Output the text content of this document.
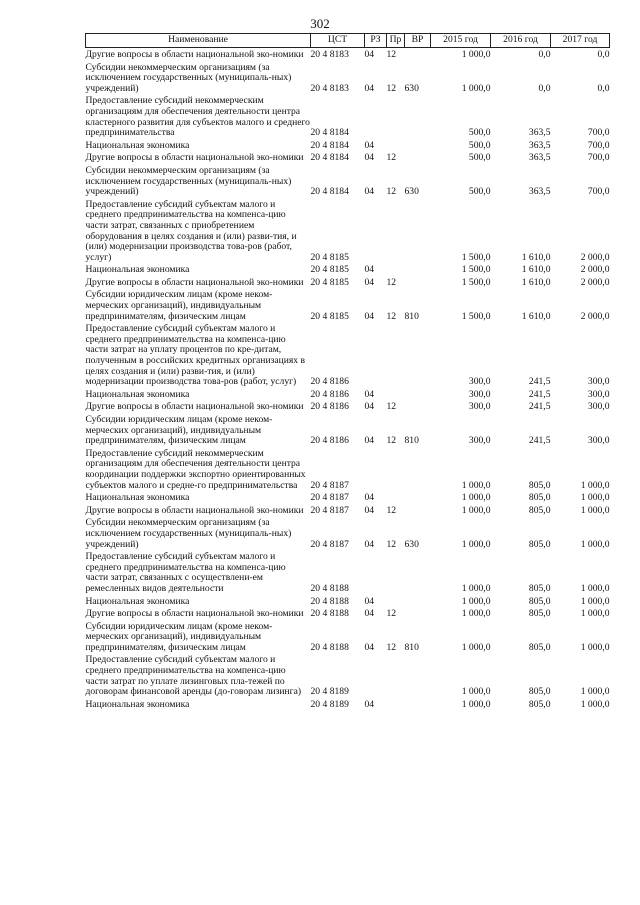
302
Наименование	ЦСТ	РЗ	Пр	ВР	2015 год	2016 год	2017 год
Другие вопросы в области национальной эко-номики	20 4 8183	04	12		1 000,0	0,0	0,0
Субсидии некоммерческим организациям (за исключением государственных (муниципаль-ных) учреждений)	20 4 8183	04	12	630	1 000,0	0,0	0,0
Предоставление субсидий некоммерческим организациям для обеспечения деятельности центра кластерного развития для субъектов малого и среднего предпринимательства	20 4 8184				500,0	363,5	700,0
Национальная экономика	20 4 8184	04			500,0	363,5	700,0
Другие вопросы в области национальной эко-номики	20 4 8184	04	12		500,0	363,5	700,0
Субсидии некоммерческим организациям (за исключением государственных (муниципаль-ных) учреждений)	20 4 8184	04	12	630	500,0	363,5	700,0
Предоставление субсидий субъектам малого и среднего предпринимательства на компенса-цию части затрат, связанных с приобретением оборудования в целях создания и (или) разви-тия, и (или) модернизации производства това-ров (работ, услуг)	20 4 8185				1 500,0	1 610,0	2 000,0
Национальная экономика	20 4 8185	04			1 500,0	1 610,0	2 000,0
Другие вопросы в области национальной эко-номики	20 4 8185	04	12		1 500,0	1 610,0	2 000,0
Субсидии юридическим лицам (кроме неком-мерческих организаций), индивидуальным предпринимателям, физическим лицам	20 4 8185	04	12	810	1 500,0	1 610,0	2 000,0
Предоставление субсидий субъектам малого и среднего предпринимательства на компенса-цию части затрат на уплату процентов по кре-дитам, полученным в российских кредитных организациях в целях создания и (или) разви-тия, и (или) модернизации производства това-ров (работ, услуг)	20 4 8186				300,0	241,5	300,0
Национальная экономика	20 4 8186	04			300,0	241,5	300,0
Другие вопросы в области национальной эко-номики	20 4 8186	04	12		300,0	241,5	300,0
Субсидии юридическим лицам (кроме неком-мерческих организаций), индивидуальным предпринимателям, физическим лицам	20 4 8186	04	12	810	300,0	241,5	300,0
Предоставление субсидий некоммерческим организациям для обеспечения деятельности центра координации поддержки экспортно ориентированных субъектов малого и средне-го предпринимательства	20 4 8187				1 000,0	805,0	1 000,0
Национальная экономика	20 4 8187	04			1 000,0	805,0	1 000,0
Другие вопросы в области национальной эко-номики	20 4 8187	04	12		1 000,0	805,0	1 000,0
Субсидии некоммерческим организациям (за исключением государственных (муниципаль-ных) учреждений)	20 4 8187	04	12	630	1 000,0	805,0	1 000,0
Предоставление субсидий субъектам малого и среднего предпринимательства на компенса-цию части затрат, связанных с осуществлени-ем ремесленных видов деятельности	20 4 8188				1 000,0	805,0	1 000,0
Национальная экономика	20 4 8188	04			1 000,0	805,0	1 000,0
Другие вопросы в области национальной эко-номики	20 4 8188	04	12		1 000,0	805,0	1 000,0
Субсидии юридическим лицам (кроме неком-мерческих организаций), индивидуальным предпринимателям, физическим лицам	20 4 8188	04	12	810	1 000,0	805,0	1 000,0
Предоставление субсидий субъектам малого и среднего предпринимательства на компенса-цию части затрат по уплате лизинговых пла-тежей по договорам финансовой аренды (до-говорам лизинга)	20 4 8189				1 000,0	805,0	1 000,0
Национальная экономика	20 4 8189	04			1 000,0	805,0	1 000,0
